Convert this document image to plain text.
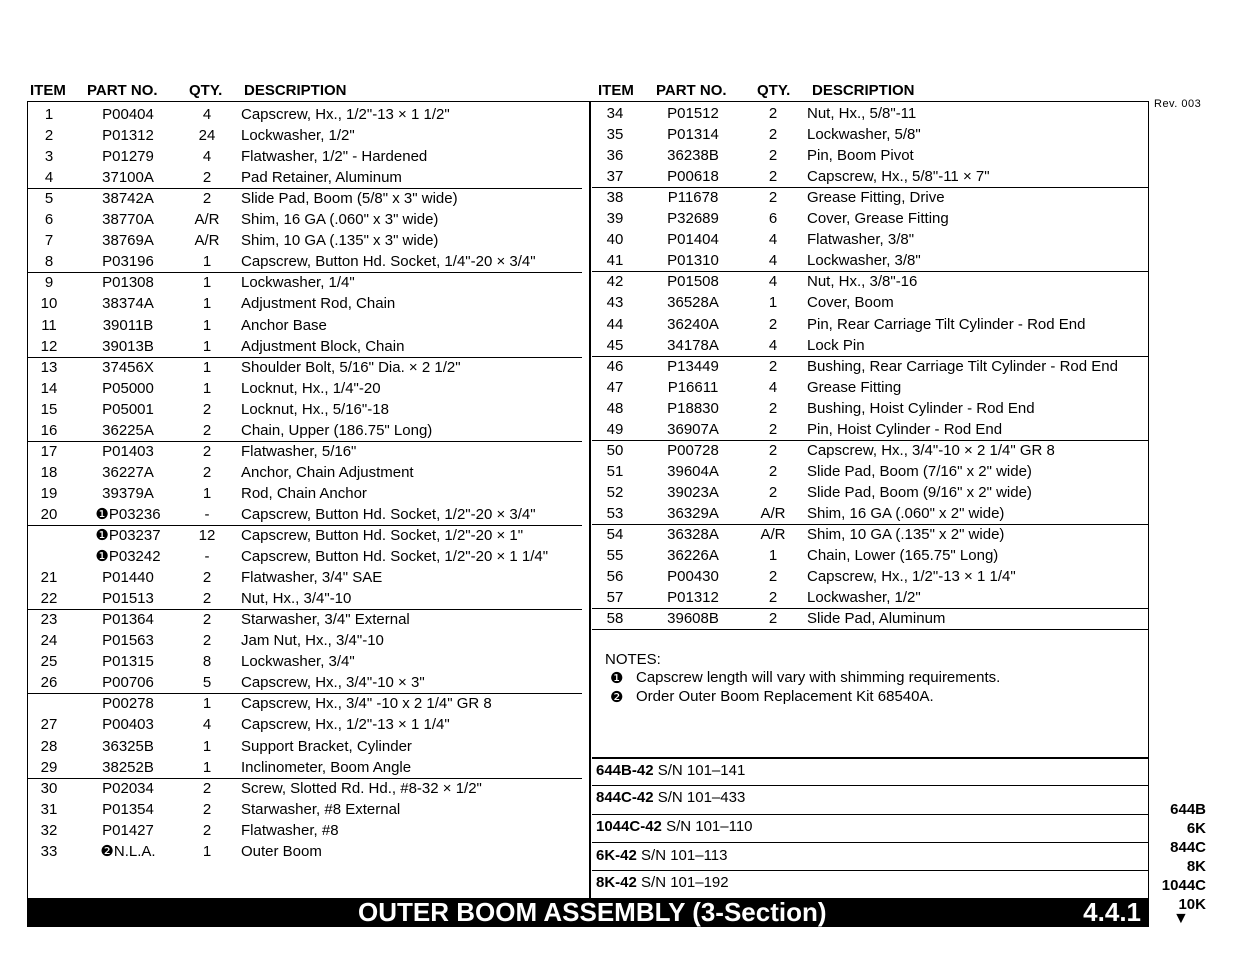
ITEM PART NO. QTY. DESCRIPTION	ITEM PART NO. QTY. DESCRIPTION
Rev. 003
1	P00404	4	Capscrew, Hx., 1/2"-13 × 1 1/2"
2	P01312	24	Lockwasher, 1/2"
3	P01279	4	Flatwasher, 1/2" - Hardened
4	37100A	2	Pad Retainer, Aluminum
5	38742A	2	Slide Pad, Boom (5/8" x 3" wide)
6	38770A	A/R	Shim, 16 GA (.060" x 3" wide)
7	38769A	A/R	Shim, 10 GA (.135" x 3" wide)
8	P03196	1	Capscrew, Button Hd. Socket, 1/4"-20 × 3/4"
9	P01308	1	Lockwasher, 1/4"
10	38374A	1	Adjustment Rod, Chain
11	39011B	1	Anchor Base
12	39013B	1	Adjustment Block, Chain
13	37456X	1	Shoulder Bolt, 5/16" Dia. × 2 1/2"
14	P05000	1	Locknut, Hx., 1/4"-20
15	P05001	2	Locknut, Hx., 5/16"-18
16	36225A	2	Chain, Upper (186.75" Long)
17	P01403	2	Flatwasher, 5/16"
18	36227A	2	Anchor, Chain Adjustment
19	39379A	1	Rod, Chain Anchor
20	❶P03236	-	Capscrew, Button Hd. Socket, 1/2"-20 × 3/4"
❶P03237	12	Capscrew, Button Hd. Socket, 1/2"-20 × 1"
❶P03242	-	Capscrew, Button Hd. Socket, 1/2"-20 × 1 1/4"
21	P01440	2	Flatwasher, 3/4" SAE
22	P01513	2	Nut, Hx., 3/4"-10
23	P01364	2	Starwasher, 3/4" External
24	P01563	2	Jam Nut, Hx., 3/4"-10
25	P01315	8	Lockwasher, 3/4"
26	P00706	5	Capscrew, Hx., 3/4"-10 × 3"
P00278	1	Capscrew, Hx., 3/4" -10 x 2 1/4" GR 8
27	P00403	4	Capscrew, Hx., 1/2"-13 × 1 1/4"
28	36325B	1	Support Bracket, Cylinder
29	38252B	1	Inclinometer, Boom Angle
30	P02034	2	Screw, Slotted Rd. Hd., #8-32 × 1/2"
31	P01354	2	Starwasher, #8 External
32	P01427	2	Flatwasher, #8
33	❷N.L.A.	1	Outer Boom
34	P01512	2	Nut, Hx., 5/8"-11
35	P01314	2	Lockwasher, 5/8"
36	36238B	2	Pin, Boom Pivot
37	P00618	2	Capscrew, Hx., 5/8"-11 × 7"
38	P11678	2	Grease Fitting, Drive
39	P32689	6	Cover, Grease Fitting
40	P01404	4	Flatwasher, 3/8"
41	P01310	4	Lockwasher, 3/8"
42	P01508	4	Nut, Hx., 3/8"-16
43	36528A	1	Cover, Boom
44	36240A	2	Pin, Rear Carriage Tilt Cylinder - Rod End
45	34178A	4	Lock Pin
46	P13449	2	Bushing, Rear Carriage Tilt Cylinder - Rod End
47	P16611	4	Grease Fitting
48	P18830	2	Bushing, Hoist Cylinder - Rod End
49	36907A	2	Pin, Hoist Cylinder - Rod End
50	P00728	2	Capscrew, Hx., 3/4"-10 × 2 1/4" GR 8
51	39604A	2	Slide Pad, Boom (7/16" x 2" wide)
52	39023A	2	Slide Pad, Boom (9/16" x 2" wide)
53	36329A	A/R	Shim, 16 GA (.060" x 2" wide)
54	36328A	A/R	Shim, 10 GA (.135" x 2" wide)
55	36226A	1	Chain, Lower (165.75" Long)
56	P00430	2	Capscrew, Hx., 1/2"-13 × 1 1/4"
57	P01312	2	Lockwasher, 1/2"
58	39608B	2	Slide Pad, Aluminum
NOTES:
❶ Capscrew length will vary with shimming requirements.
❷ Order Outer Boom Replacement Kit 68540A.
644B-42 S/N 101–141
844C-42 S/N 101–433
1044C-42 S/N 101–110
6K-42 S/N 101–113
8K-42 S/N 101–192
644B
6K
844C
8K
1044C
10K
OUTER BOOM ASSEMBLY (3-Section)	4.4.1 ▼
